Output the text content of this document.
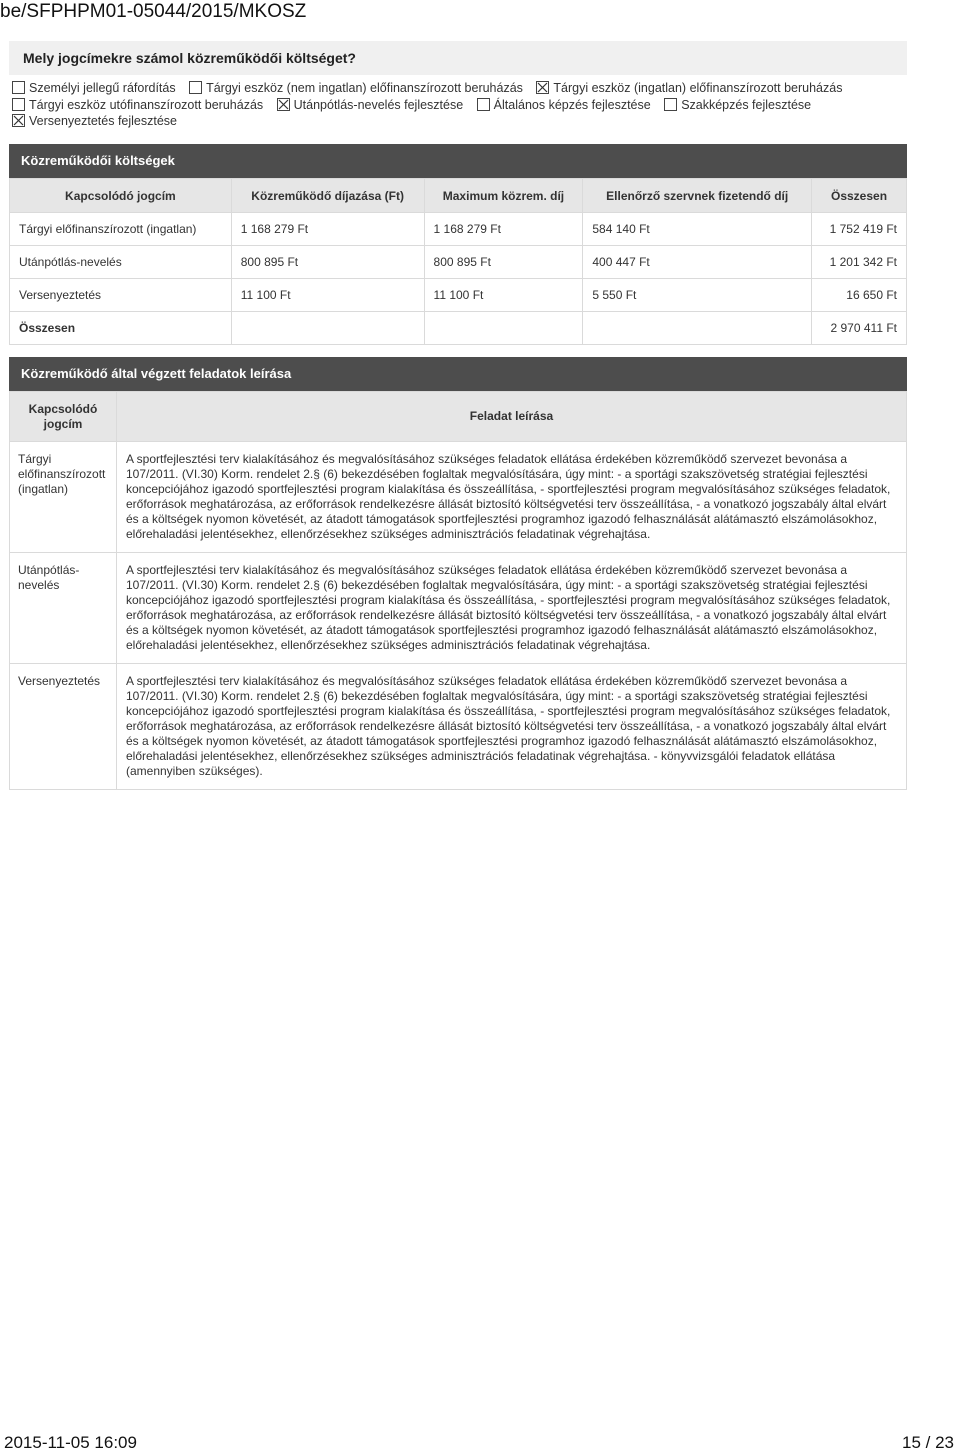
be/SFPHPM01-05044/2015/MKOSZ
Mely jogcímekre számol közreműködői költséget?
Személyi jellegű ráfordítás Tárgyi eszköz (nem ingatlan) előfinanszírozott beruházás Tárgyi eszköz (ingatlan) előfinanszírozott beruházás
Tárgyi eszköz utófinanszírozott beruházás Utánpótlás-nevelés fejlesztése Általános képzés fejlesztése Szakképzés fejlesztése

Versenyeztetés fejlesztése
Közreműködői költségek
Kapcsolódó jogcím	Közreműködő díjazása (Ft)	Maximum közrem. díj	Ellenőrző szervnek fizetendő díj	Összesen
Tárgyi előfinanszírozott (ingatlan)	1 168 279 Ft	1 168 279 Ft	584 140 Ft	1 752 419 Ft
Utánpótlás-nevelés	800 895 Ft	800 895 Ft	400 447 Ft	1 201 342 Ft
Versenyeztetés	11 100 Ft	11 100 Ft	5 550 Ft	16 650 Ft
Összesen				2 970 411 Ft
Közreműködő által végzett feladatok leírása
Kapcsolódó jogcím	Feladat leírása
Tárgyi előfinanszírozott (ingatlan)	A sportfejlesztési terv kialakításához és megvalósításához szükséges feladatok ellátása érdekében közreműködő szervezet bevonása a 107/2011. (VI.30) Korm. rendelet 2.§ (6) bekezdésében foglaltak megvalósítására, úgy mint: - a sportági szakszövetség stratégiai fejlesztési koncepciójához igazodó sportfejlesztési program kialakítása és összeállítása, - sportfejlesztési program megvalósításához szükséges feladatok, erőforrások meghatározása, az erőforrások rendelkezésre állását biztosító költségvetési terv összeállítása, - a vonatkozó jogszabály által elvárt és a költségek nyomon követését, az átadott támogatások sportfejlesztési programhoz igazodó felhasználását alátámasztó elszámolásokhoz, előrehaladási jelentésekhez, ellenőrzésekhez szükséges adminisztrációs feladatinak végrehajtása.
Utánpótlás-nevelés	A sportfejlesztési terv kialakításához és megvalósításához szükséges feladatok ellátása érdekében közreműködő szervezet bevonása a 107/2011. (VI.30) Korm. rendelet 2.§ (6) bekezdésében foglaltak megvalósítására, úgy mint: - a sportági szakszövetség stratégiai fejlesztési koncepciójához igazodó sportfejlesztési program kialakítása és összeállítása, - sportfejlesztési program megvalósításához szükséges feladatok, erőforrások meghatározása, az erőforrások rendelkezésre állását biztosító költségvetési terv összeállítása, - a vonatkozó jogszabály által elvárt és a költségek nyomon követését, az átadott támogatások sportfejlesztési programhoz igazodó felhasználását alátámasztó elszámolásokhoz, előrehaladási jelentésekhez, ellenőrzésekhez szükséges adminisztrációs feladatinak végrehajtása.
Versenyeztetés	A sportfejlesztési terv kialakításához és megvalósításához szükséges feladatok ellátása érdekében közreműködő szervezet bevonása a 107/2011. (VI.30) Korm. rendelet 2.§ (6) bekezdésében foglaltak megvalósítására, úgy mint: - a sportági szakszövetség stratégiai fejlesztési koncepciójához igazodó sportfejlesztési program kialakítása és összeállítása, - sportfejlesztési program megvalósításához szükséges feladatok, erőforrások meghatározása, az erőforrások rendelkezésre állását biztosító költségvetési terv összeállítása, - a vonatkozó jogszabály által elvárt és a költségek nyomon követését, az átadott támogatások sportfejlesztési programhoz igazodó felhasználását alátámasztó elszámolásokhoz, előrehaladási jelentésekhez, ellenőrzésekhez szükséges adminisztrációs feladatinak végrehajtása. - könyvvizsgálói feladatok ellátása (amennyiben szükséges).
2015-11-05 16:09	15 / 23
